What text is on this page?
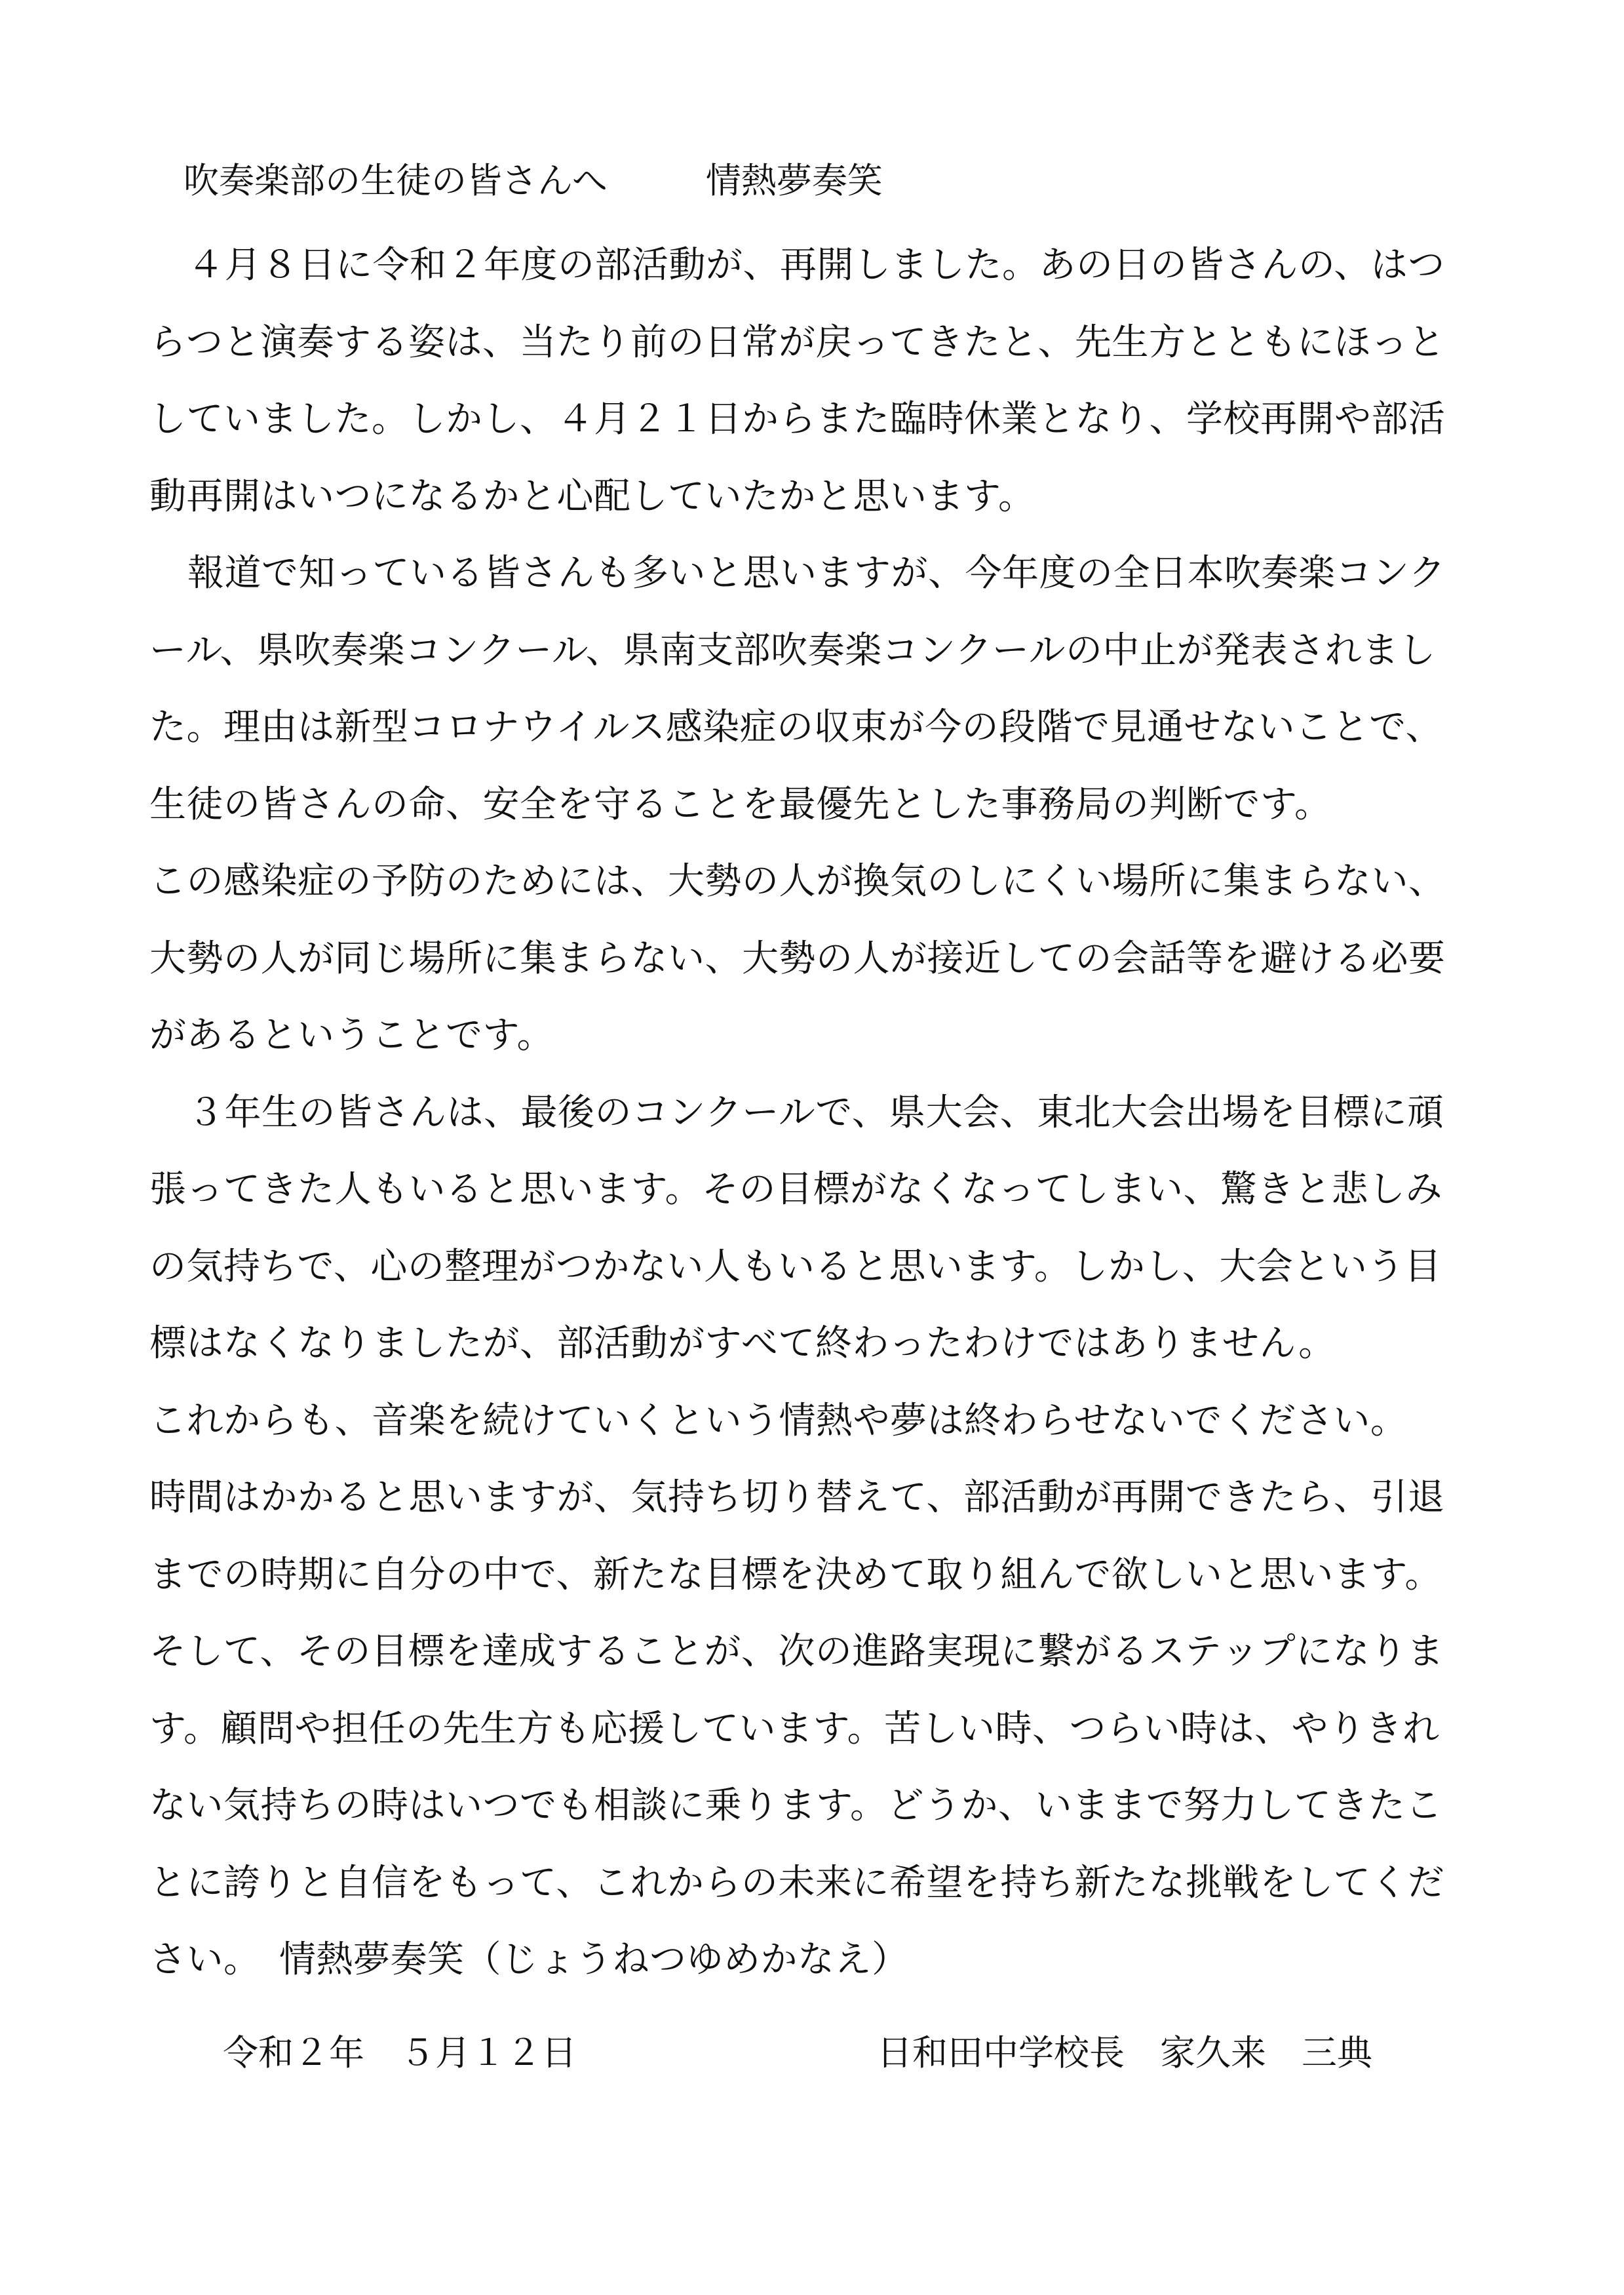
吹奏楽部の生徒の皆さんへ	情熱夢奏笑
４月８日に令和２年度の部活動が、再開しました。あの日の皆さんの、はつ
らつと演奏する姿は、当たり前の日常が戻ってきたと、先生方とともにほっと
していました。しかし、４月２１日からまた臨時休業となり、学校再開や部活
動再開はいつになるかと心配していたかと思います。
報道で知っている皆さんも多いと思いますが、今年度の全日本吹奏楽コンク
ール、県吹奏楽コンクール、県南支部吹奏楽コンクールの中止が発表されまし
た。理由は新型コロナウイルス感染症の収束が今の段階で見通せないことで、
生徒の皆さんの命、安全を守ることを最優先とした事務局の判断です。
この感染症の予防のためには、大勢の人が換気のしにくい場所に集まらない、
大勢の人が同じ場所に集まらない、大勢の人が接近しての会話等を避ける必要
があるということです。
３年生の皆さんは、最後のコンクールで、県大会、東北大会出場を目標に頑
張ってきた人もいると思います。その目標がなくなってしまい、驚きと悲しみ
の気持ちで、心の整理がつかない人もいると思います。しかし、大会という目
標はなくなりましたが、部活動がすべて終わったわけではありません。
これからも、音楽を続けていくという情熱や夢は終わらせないでください。
時間はかかると思いますが、気持ち切り替えて、部活動が再開できたら、引退
までの時期に自分の中で、新たな目標を決めて取り組んで欲しいと思います。
そして、その目標を達成することが、次の進路実現に繋がるステップになりま
す。顧問や担任の先生方も応援しています。苦しい時、つらい時は、やりきれ
ない気持ちの時はいつでも相談に乗ります。どうか、いままで努力してきたこ
とに誇りと自信をもって、これからの未来に希望を持ち新たな挑戦をしてくだ
さい。　情熱夢奏笑（じょうねつゆめかなえ）
令和２年　５月１２日	日和田中学校長　家久来　三典
